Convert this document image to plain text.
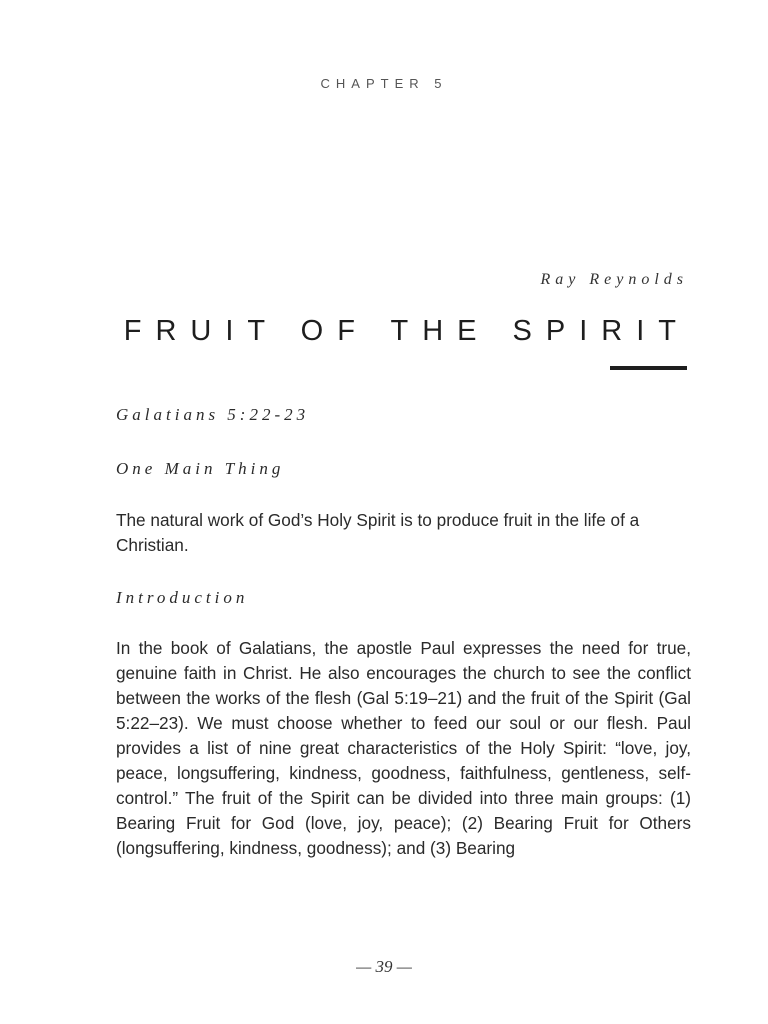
CHAPTER 5
Ray Reynolds
FRUIT OF THE SPIRIT

Galatians 5:22-23

One Main Thing

The natural work of God’s Holy Spirit is to produce fruit in the life of a Christian.

Introduction

In the book of Galatians, the apostle Paul expresses the need for true, genuine faith in Christ. He also encourages the church to see the conflict between the works of the flesh (Gal 5:19–21) and the fruit of the Spirit (Gal 5:22–23). We must choose whether to feed our soul or our flesh. Paul provides a list of nine great characteristics of the Holy Spirit: “love, joy, peace, longsuffering, kindness, goodness, faithfulness, gentleness, self-control.” The fruit of the Spirit can be divided into three main groups: (1) Bearing Fruit for God (love, joy, peace); (2) Bearing Fruit for Others (longsuffering, kindness, goodness); and (3) Bearing

— 39 —
